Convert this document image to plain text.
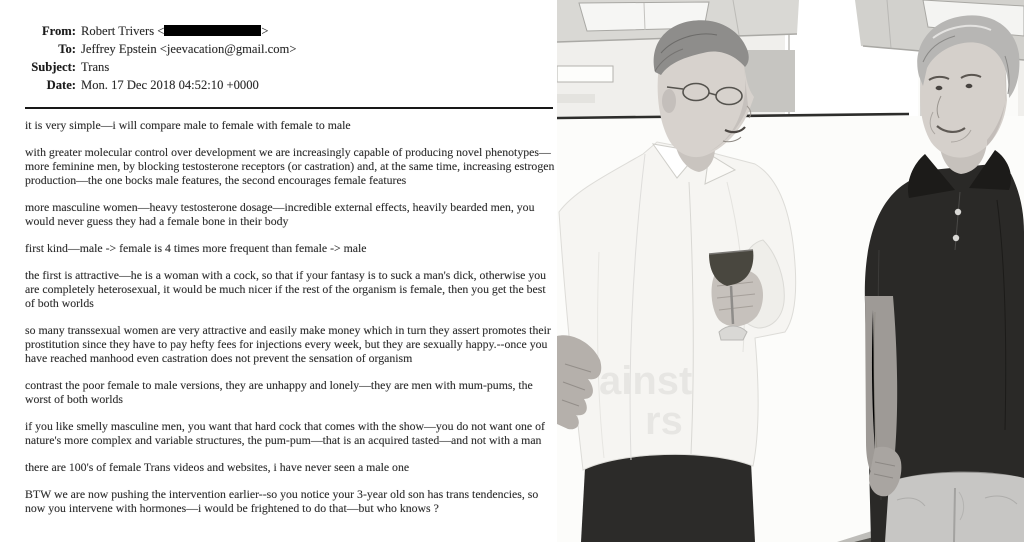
From: Robert Trivers <	>
To: Jeffrey Epstein <jeevacation@gmail.com>
Subject: Trans
Date: Mon. 17 Dec 2018 04:52:10 +0000

it is very simple—i will compare male to female with female to male

with greater molecular control over development we are increasingly capable of producing novel phenotypes—more feminine men, by blocking testosterone receptors (or castration) and, at the same time, increasing estrogen production—the one bocks male features, the second encourages female features

more masculine women—heavy testosterone dosage—incredible external effects, heavily bearded men, you would never guess they had a female bone in their body

first kind—male -> female is 4 times more frequent than female -> male

the first is attractive—he is a woman with a cock, so that if your fantasy is to suck a man's dick, otherwise you are completely heterosexual, it would be much nicer if the rest of the organism is female, then you get the best of both worlds

so many transsexual women are very attractive and easily make money which in turn they assert promotes their prostitution since they have to pay hefty fees for injections every week, but they are sexually happy.--once you have reached manhood even castration does not prevent the sensation of organism

contrast the poor female to male versions, they are unhappy and lonely—they are men with mum-pums, the worst of both worlds

if you like smelly masculine men, you want that hard cock that comes with the show—you do not want one of nature's more complex and variable structures, the pum-pum—that is an acquired tasted—and not with a man

there are 100's of female Trans videos and websites, i have never seen a male one

BTW we are now pushing the intervention earlier--so you notice your 3-year old son has trans tendencies, so now you intervene with hormones—i would be frightened to do that—but who knows ?

ainst
rs
